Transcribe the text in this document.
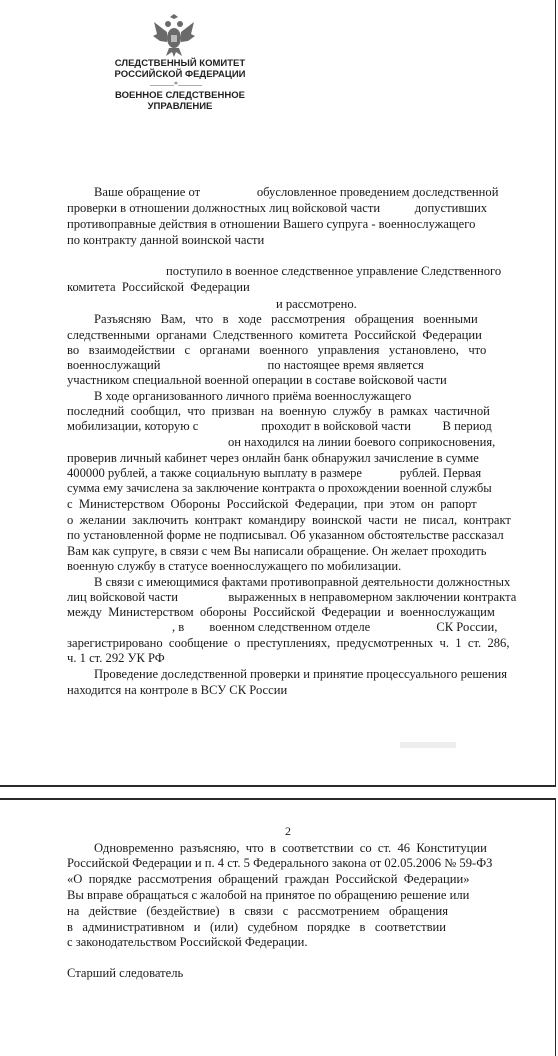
СЛЕДСТВЕННЫЙ КОМИТЕТ
РОССИЙСКОЙ ФЕДЕРАЦИИ
———*———
ВОЕННОЕ СЛЕДСТВЕННОЕ
УПРАВЛЕНИЕ
Ваше обращение от                  обусловленное проведением доследственной
проверки в отношении должностных лиц войсковой части           допустивших
противоправные действия в отношении Вашего супруга - военнослужащего
по контракту данной воинской части
поступило в военное следственное управление Следственного
комитета  Российской  Федерации
и рассмотрено.
Разъясняю   Вам,   что   в   ходе   рассмотрения   обращения   военными
следственными  органами  Следственного  комитета  Российской  Федерации
во   взаимодействии   с   органами   военного   управления   установлено,   что
военнослужащий                                  по настоящее время является
участником специальной военной операции в составе войсковой части
В ходе организованного личного приёма военнослужащего
последний  сообщил,  что  призван  на  военную  службу  в  рамках  частичной
мобилизации, которую с                    проходит в войсковой части          В период
он находился на линии боевого соприкосновения,
проверив личный кабинет через онлайн банк обнаружил зачисление в сумме
400000 рублей, а также социальную выплату в размере            рублей. Первая
сумма ему зачислена за заключение контракта о прохождении военной службы
с  Министерством  Обороны  Российской  Федерации,  при  этом  он  рапорт
о  желании  заключить  контракт  командиру  воинской  части  не  писал,  контракт
по установленной форме не подписывал. Об указанном обстоятельстве рассказал
Вам как супруге, в связи с чем Вы написали обращение. Он желает проходить
военную службу в статусе военнослужащего по мобилизации.
В связи с имеющимися фактами противоправной деятельности должностных
лиц войсковой части                выраженных в неправомерном заключении контракта
между  Министерством  обороны  Российской  Федерации  и  военнослужащим
, в        военном следственном отделе                     СК России,
зарегистрировано  сообщение  о  преступлениях,  предусмотренных  ч.  1  ст.  286,
ч. 1 ст. 292 УК РФ
Проведение доследственной проверки и принятие процессуального решения
находится на контроле в ВСУ СК России
2
Одновременно  разъясняю,  что  в  соответствии  со  ст.  46  Конституции
Российской Федерации и п. 4 ст. 5 Федерального закона от 02.05.2006 № 59-ФЗ
«О  порядке  рассмотрения  обращений  граждан  Российской  Федерации»
Вы вправе обращаться с жалобой на принятое по обращению решение или
на   действие   (бездействие)   в   связи   с   рассмотрением   обращения
в   административном   и   (или)   судебном   порядке   в   соответствии
с законодательством Российской Федерации.
Старший следователь
